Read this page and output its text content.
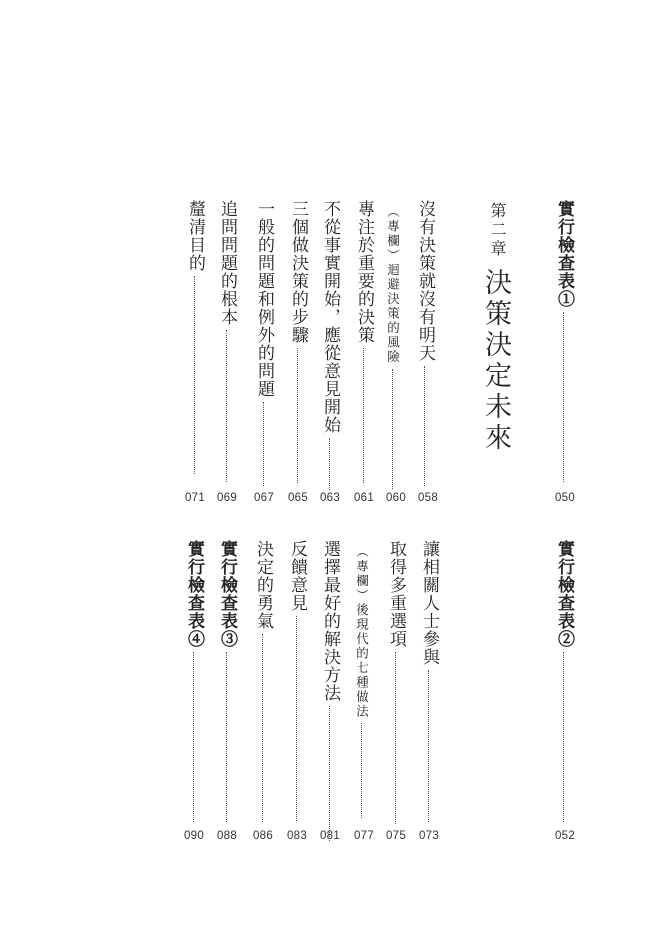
實行檢查表①
050
第二章
決策決定未來
沒有決策就沒有明天
058
（專欄）迴避決策的風險
060
專注於重要的決策
061
不從事實開始，應從意見開始
063
三個做決策的步驟
065
一般的問題和例外的問題
067
追問問題的根本
069
釐清目的
071
實行檢查表②
052
讓相關人士參與
073
取得多重選項
075
（專欄）後現代的七種做法
077
選擇最好的解決方法
081
反饋意見
083
決定的勇氣
086
實行檢查表③
088
實行檢查表④
090
